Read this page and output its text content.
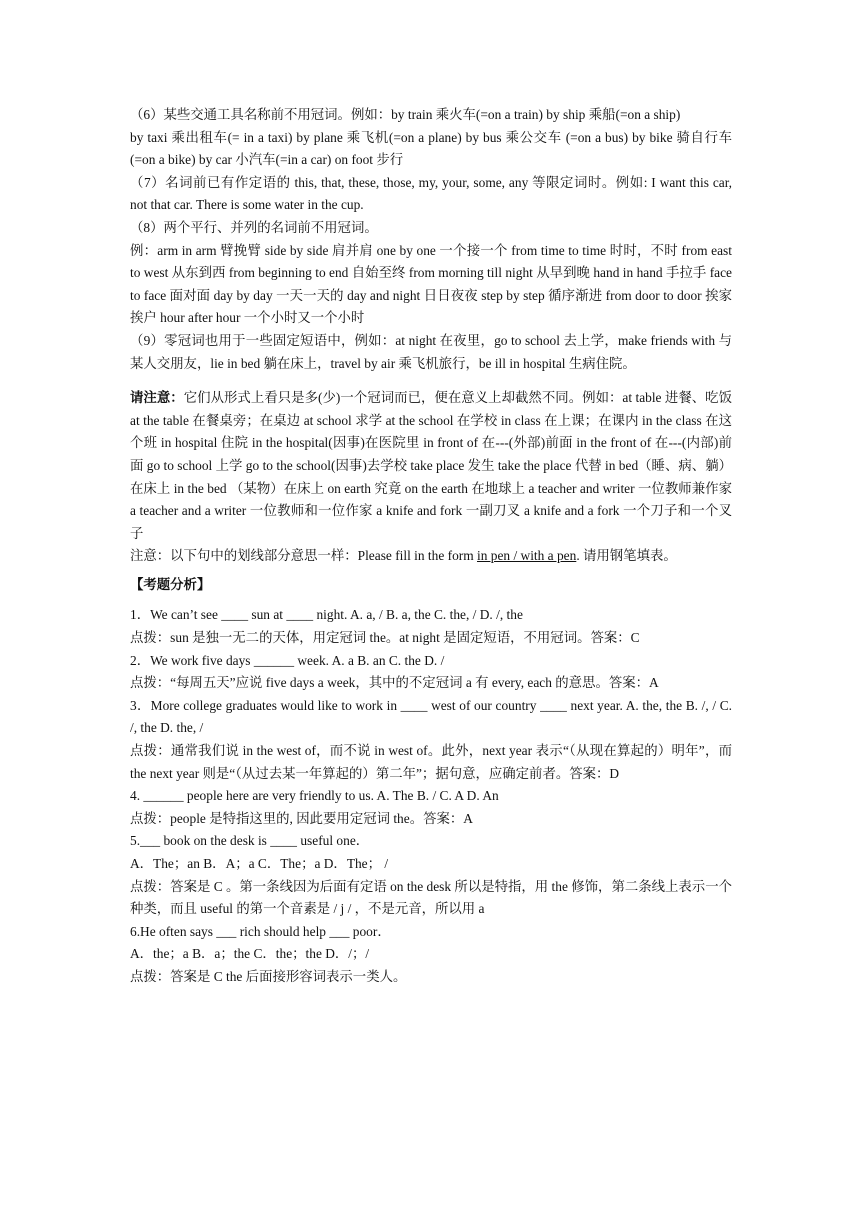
（6）某些交通工具名称前不用冠词。例如：by train 乘火车(=on a train) by ship 乘船(=on a ship)

by taxi 乘出租车(= in a taxi) by plane 乘飞机(=on a plane) by bus 乘公交车 (=on a bus) by bike 骑自行车 (=on a bike) by car 小汽车(=in a car) on foot 步行

（7）名词前已有作定语的 this, that, these, those, my, your, some, any 等限定词时。例如: I want this car, not that car. There is some water in the cup.

（8）两个平行、并列的名词前不用冠词。

例：arm in arm 臂挽臂 side by side 肩并肩 one by one 一个接一个 from time to time 时时，不时 from east to west 从东到西 from beginning to end 自始至终 from morning till night 从早到晚 hand in hand 手拉手 face to face 面对面 day by day 一天一天的 day and night 日日夜夜 step by step 循序渐进 from door to door 挨家挨户 hour after hour 一个小时又一个小时

（9）零冠词也用于一些固定短语中，例如：at night 在夜里，go to school 去上学，make friends with 与某人交朋友，lie in bed 躺在床上，travel by air 乘飞机旅行，be ill in hospital 生病住院。

请注意：它们从形式上看只是多(少)一个冠词而已，便在意义上却截然不同。例如：at table 进餐、吃饭 at the table 在餐桌旁；在桌边 at school 求学 at the school 在学校 in class 在上课；在课内 in the class 在这个班 in hospital 住院 in the hospital(因事)在医院里 in front of 在---(外部)前面 in the front of 在---(内部)前面 go to school 上学 go to the school(因事)去学校 take place 发生 take the place 代替 in bed（睡、病、躺）在床上 in the bed （某物）在床上 on earth 究竟 on the earth 在地球上 a teacher and writer 一位教师兼作家 a teacher and a writer 一位教师和一位作家 a knife and fork 一副刀叉 a knife and a fork 一个刀子和一个叉子

注意：以下句中的划线部分意思一样：Please fill in the form in pen / with a pen. 请用钢笔填表。

【考题分析】

1．We can’t see ____ sun at ____ night. A. a, / B. a, the C. the, / D. /, the

点拨：sun 是独一无二的天体，用定冠词 the。at night 是固定短语，不用冠词。答案：C

2．We work five days ______ week. A. a B. an C. the D. /

点拨：“每周五天”应说 five days a week，其中的不定冠词 a 有 every, each 的意思。答案：A

3．More college graduates would like to work in ____ west of our country ____ next year. A. the, the B. /, / C. /, the D. the, /

点拨：通常我们说 in the west of，而不说 in west of。此外，next year 表示“（从现在算起的）明年”，而 the next year 则是“（从过去某一年算起的）第二年”；据句意，应确定前者。答案：D

4. ______ people here are very friendly to us. A. The B. / C. A D. An

点拨：people 是特指这里的, 因此要用定冠词 the。答案：A

5.___ book on the desk is ____ useful one．

A．The；an B．A；a C．The；a D．The； /

点拨：答案是 C 。第一条线因为后面有定语 on the desk 所以是特指，用 the 修饰，第二条线上表示一个种类，而且 useful 的第一个音素是 / j / ，不是元音，所以用 a

6.He often says ___ rich should help ___ poor．

A．the；a B．a；the C．the；the D．/；/

点拨：答案是 C the 后面接形容词表示一类人。
